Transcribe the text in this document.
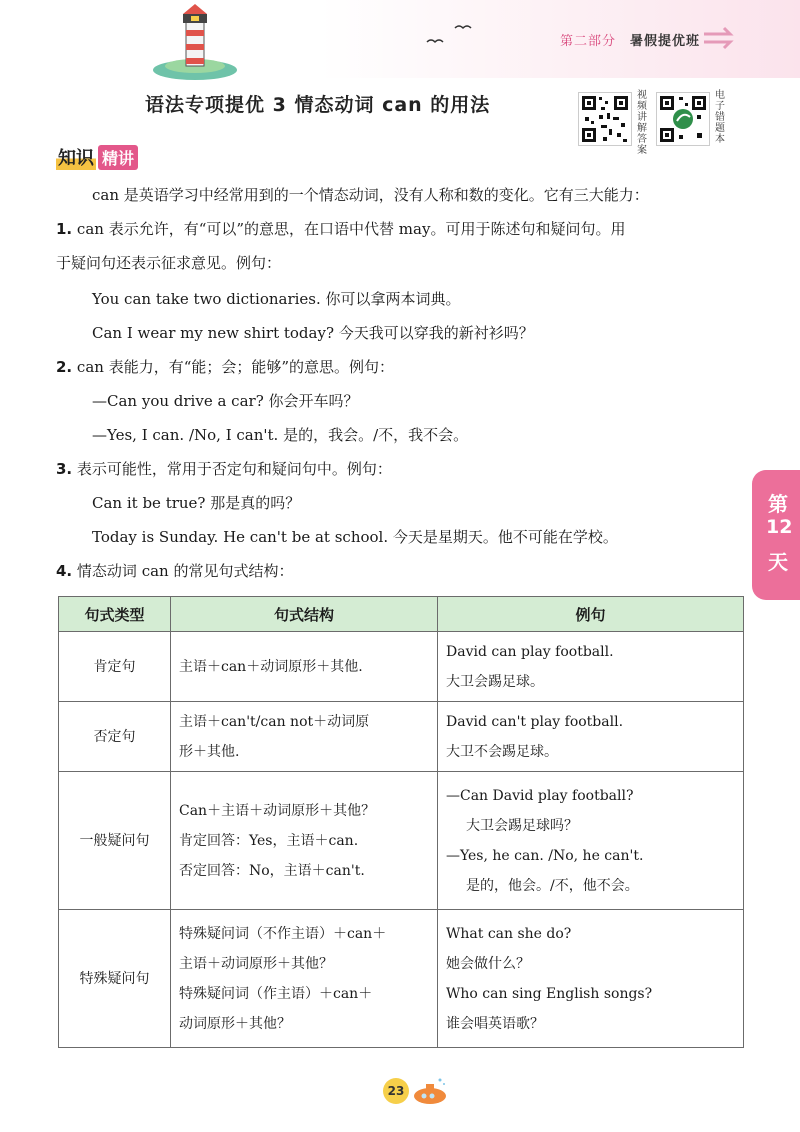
第二部分 暑假提优班
语法专项提优 3 情态动词 can 的用法	视频讲解答案
电子错题本
知识 精讲
can 是英语学习中经常用到的一个情态动词，没有人称和数的变化。它有三大能力：
1. can 表示允许，有“可以”的意思，在口语中代替 may。可用于陈述句和疑问句。用
于疑问句还表示征求意见。例句：
You can take two dictionaries. 你可以拿两本词典。
Can I wear my new shirt today? 今天我可以穿我的新衬衫吗？
2. can 表能力，有“能；会；能够”的意思。例句：
—Can you drive a car? 你会开车吗？
—Yes, I can. /No, I can't. 是的，我会。/不，我不会。
3. 表示可能性，常用于否定句和疑问句中。例句：
Can it be true? 那是真的吗？
Today is Sunday. He can't be at school. 今天是星期天。他不可能在学校。
4. 情态动词 can 的常见句式结构：
第
12
天
句式类型	句式结构	例句
肯定句	主语＋can＋动词原形＋其他.	David can play football.
大卫会踢足球。

否定句	主语＋can't/can not＋动词原
形＋其他.	David can't play football.
大卫不会踢足球。

一般疑问句	Can＋主语＋动词原形＋其他？
肯定回答：Yes，主语＋can.
否定回答：No，主语＋can't.	—Can David play football?
大卫会踢足球吗？
—Yes, he can. /No, he can't.
是的，他会。/不，他不会。

特殊疑问句	特殊疑问词（不作主语）＋can＋
主语＋动词原形＋其他？
特殊疑问词（作主语）＋can＋
动词原形＋其他？	What can she do?
她会做什么？
Who can sing English songs?
谁会唱英语歌？
23
